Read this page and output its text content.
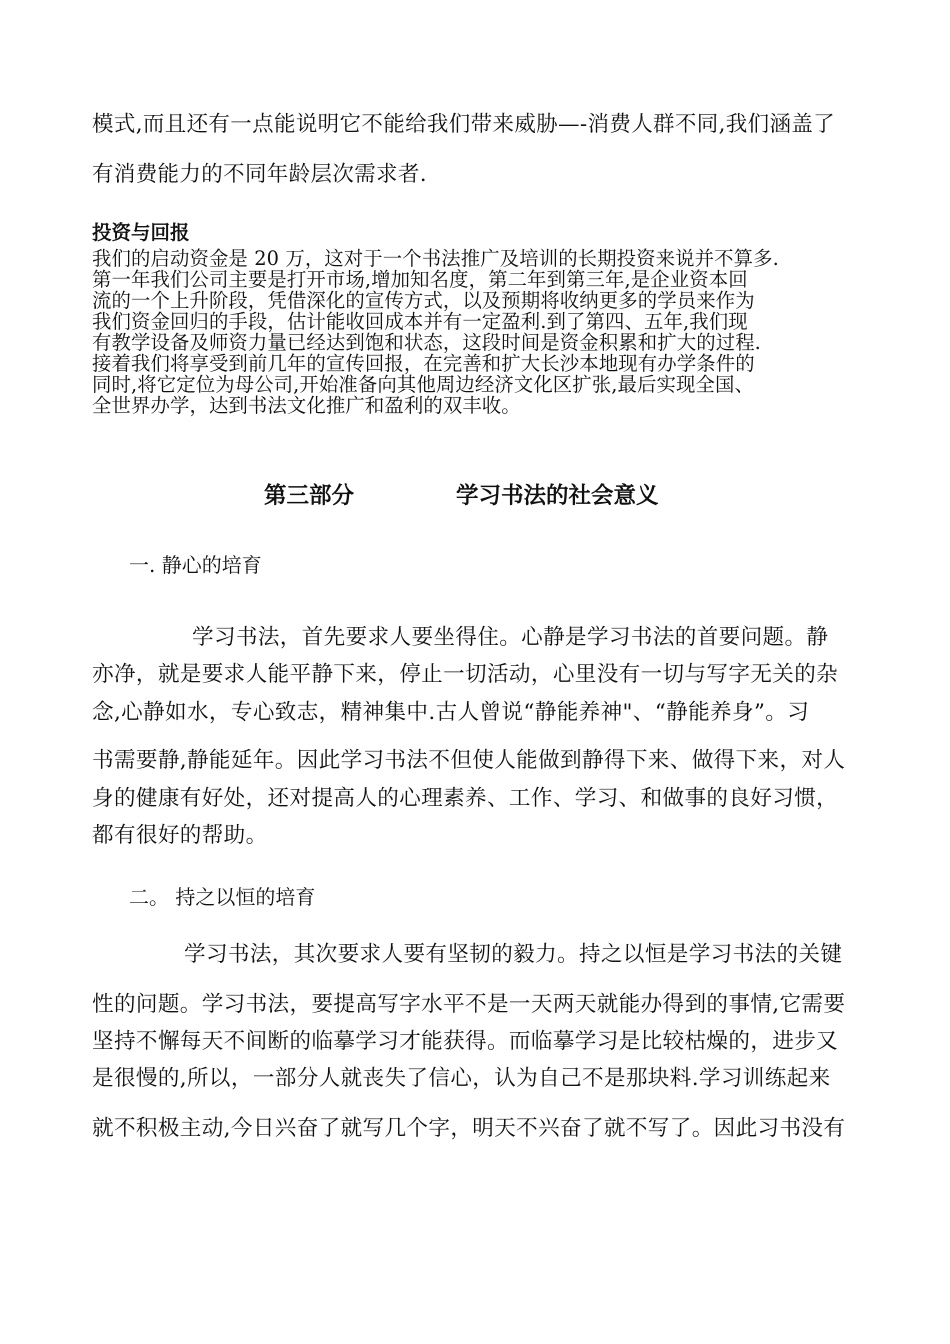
模式,而且还有一点能说明它不能给我们带来威胁—-消费人群不同,我们涵盖了
有消费能力的不同年龄层次需求者.
投资与回报
我们的启动资金是 20 万，这对于一个书法推广及培训的长期投资来说并不算多.
第一年我们公司主要是打开市场,增加知名度，第二年到第三年,是企业资本回
流的一个上升阶段，凭借深化的宣传方式，以及预期将收纳更多的学员来作为
我们资金回归的手段，估计能收回成本并有一定盈利.到了第四、五年,我们现
有教学设备及师资力量已经达到饱和状态，这段时间是资金积累和扩大的过程.
接着我们将享受到前几年的宣传回报，在完善和扩大长沙本地现有办学条件的
同时,将它定位为母公司,开始准备向其他周边经济文化区扩张,最后实现全国、
全世界办学，达到书法文化推广和盈利的双丰收。
第三部分	学习书法的社会意义
一. 静心的培育
学习书法，首先要求人要坐得住。心静是学习书法的首要问题。静
亦净，就是要求人能平静下来，停止一切活动，心里没有一切与写字无关的杂
念,心静如水，专心致志，精神集中.古人曾说“静能养神"、“静能养身”。习
书需要静,静能延年。因此学习书法不但使人能做到静得下来、做得下来，对人
身的健康有好处，还对提高人的心理素养、工作、学习、和做事的良好习惯，
都有很好的帮助。
二。 持之以恒的培育
学习书法，其次要求人要有坚韧的毅力。持之以恒是学习书法的关键
性的问题。学习书法，要提高写字水平不是一天两天就能办得到的事情,它需要
坚持不懈每天不间断的临摹学习才能获得。而临摹学习是比较枯燥的，进步又
是很慢的,所以，一部分人就丧失了信心，认为自己不是那块料.学习训练起来
就不积极主动,今日兴奋了就写几个字，明天不兴奋了就不写了。因此习书没有
